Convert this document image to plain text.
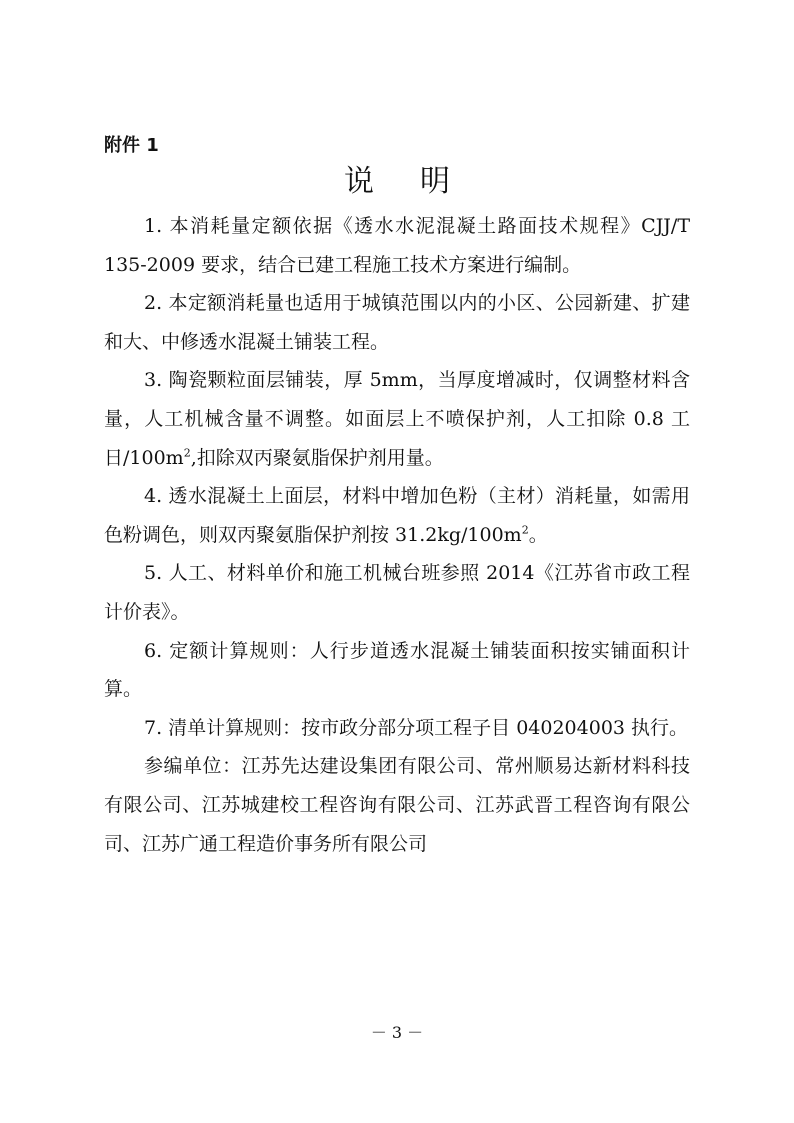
附件 1
说明

1. 本消耗量定额依据《透水水泥混凝土路面技术规程》CJJ/T 135-2009 要求，结合已建工程施工技术方案进行编制。

2. 本定额消耗量也适用于城镇范围以内的小区、公园新建、扩建和大、中修透水混凝土铺装工程。

3. 陶瓷颗粒面层铺装，厚 5mm，当厚度增减时，仅调整材料含量，人工机械含量不调整。如面层上不喷保护剂，人工扣除 0.8 工日$/100m^2$,扣除双丙聚氨脂保护剂用量。

4. 透水混凝土上面层，材料中增加色粉（主材）消耗量，如需用色粉调色，则双丙聚氨脂保护剂按 $31.2kg/100m^2$。

5. 人工、材料单价和施工机械台班参照 2014《江苏省市政工程计价表》。

6. 定额计算规则：人行步道透水混凝土铺装面积按实铺面积计算。

7. 清单计算规则：按市政分部分项工程子目 040204003 执行。

参编单位：江苏先达建设集团有限公司、常州顺易达新材料科技有限公司、江苏城建校工程咨询有限公司、江苏武晋工程咨询有限公司、江苏广通工程造价事务所有限公司

－ 3 －
